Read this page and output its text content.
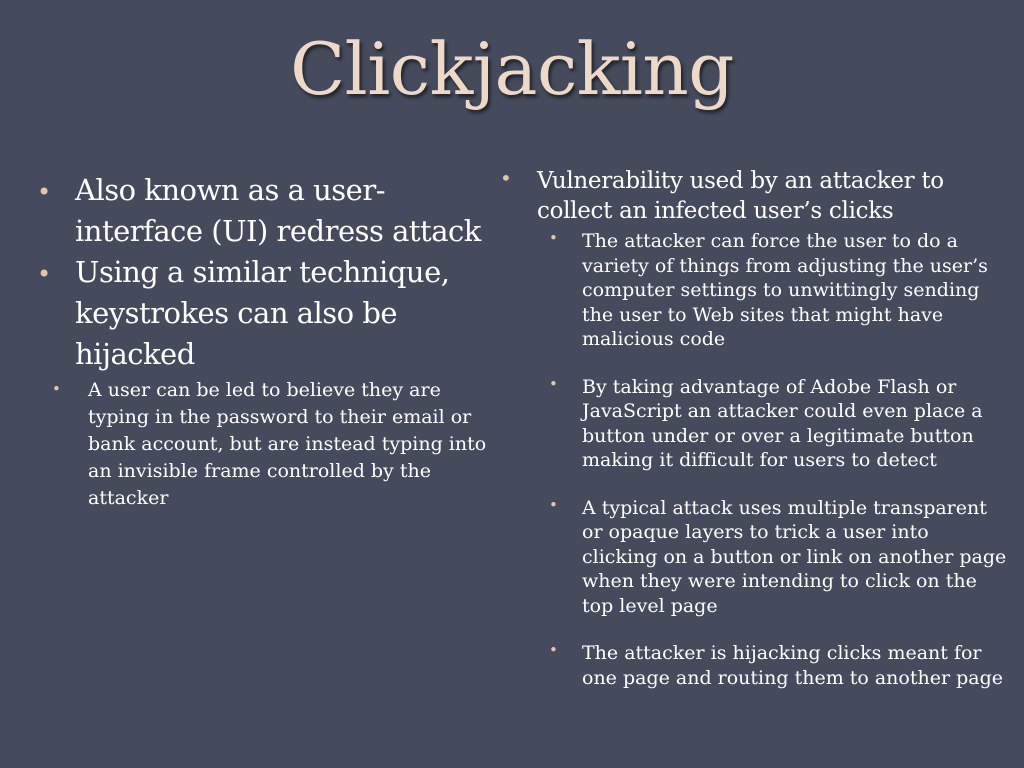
Clickjacking
• Also known as a user-interface (UI) redress attack
• Using a similar technique, keystrokes can also be hijacked
• A user can be led to believe they are typing in the password to their email or bank account, but are instead typing into an invisible frame controlled by the attacker
• Vulnerability used by an attacker to collect an infected user’s clicks
• The attacker can force the user to do a variety of things from adjusting the user’s computer settings to unwittingly sending the user to Web sites that might have malicious code
• By taking advantage of Adobe Flash or JavaScript an attacker could even place a button under or over a legitimate button making it difficult for users to detect
• A typical attack uses multiple transparent or opaque layers to trick a user into clicking on a button or link on another page when they were intending to click on the top level page
• The attacker is hijacking clicks meant for one page and routing them to another page
